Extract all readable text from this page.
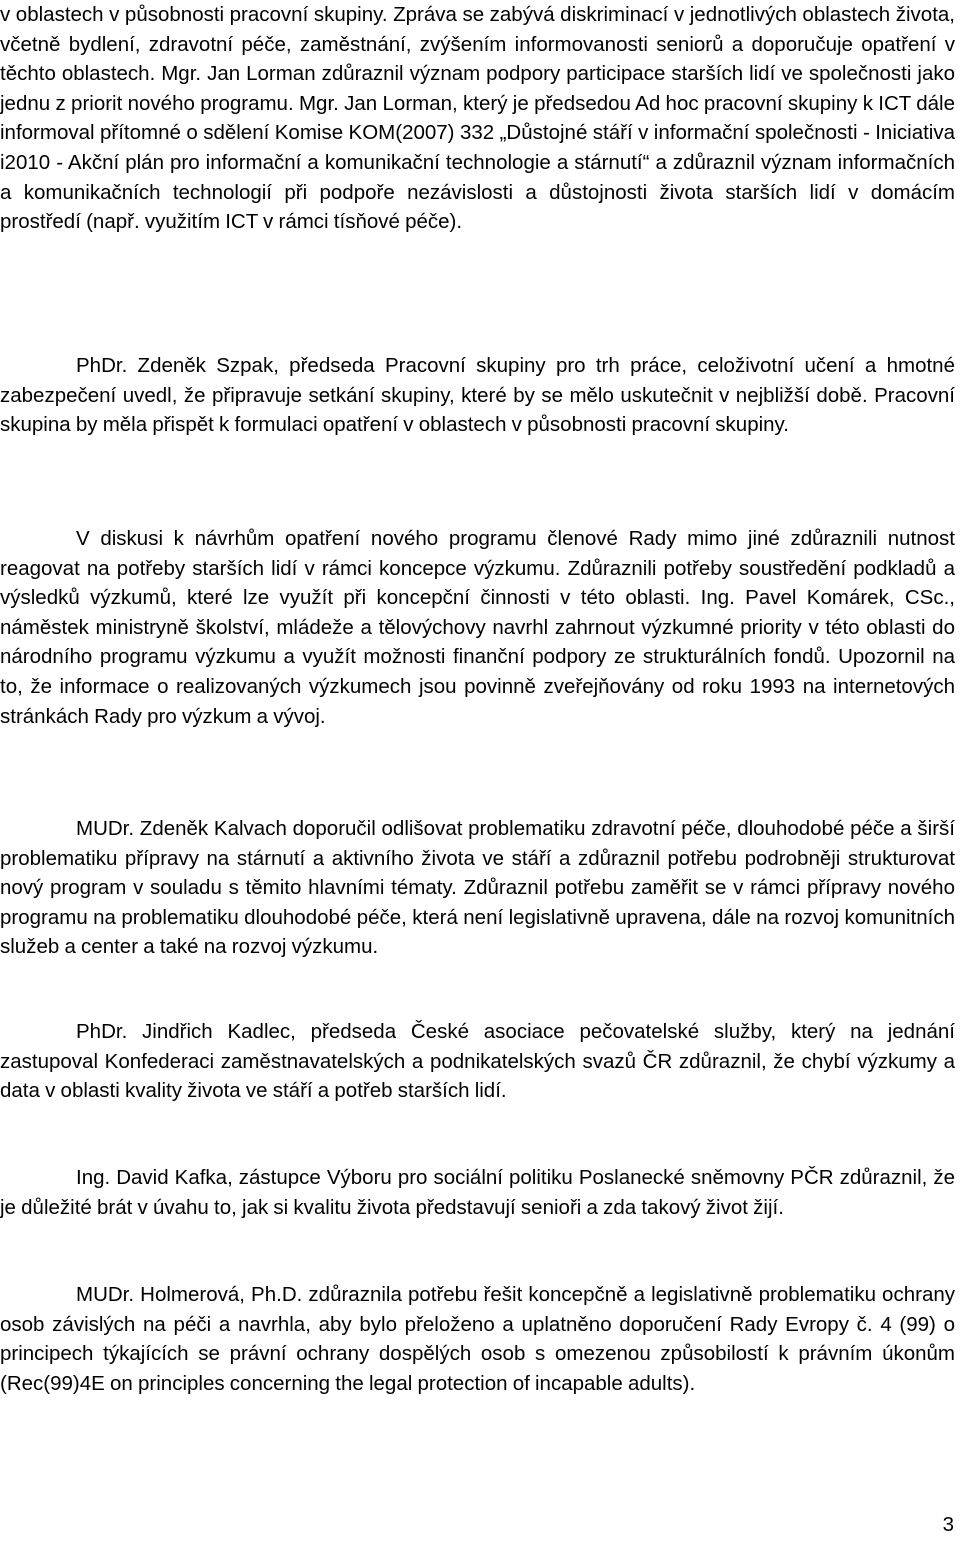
v oblastech v působnosti pracovní skupiny. Zpráva se zabývá diskriminací v jednotlivých oblastech života, včetně bydlení, zdravotní péče, zaměstnání, zvýšením informovanosti seniorů a doporučuje opatření v těchto oblastech. Mgr. Jan Lorman zdůraznil význam podpory participace starších lidí ve společnosti jako jednu z priorit nového programu. Mgr. Jan Lorman, který je předsedou Ad hoc pracovní skupiny k ICT dále informoval přítomné o sdělení Komise KOM(2007) 332 „Důstojné stáří v informační společnosti - Iniciativa i2010 - Akční plán pro informační a komunikační technologie a stárnutí“ a zdůraznil význam informačních a komunikačních technologií při podpoře nezávislosti a důstojnosti života starších lidí v domácím prostředí (např. využitím ICT v rámci tísňové péče).

PhDr. Zdeněk Szpak, předseda Pracovní skupiny pro trh práce, celoživotní učení a hmotné zabezpečení uvedl, že připravuje setkání skupiny, které by se mělo uskutečnit v nejbližší době. Pracovní skupina by měla přispět k formulaci opatření v oblastech v působnosti pracovní skupiny.

V diskusi k návrhům opatření nového programu členové Rady mimo jiné zdůraznili nutnost reagovat na potřeby starších lidí v rámci koncepce výzkumu. Zdůraznili potřeby soustředění podkladů a výsledků výzkumů, které lze využít při koncepční činnosti v této oblasti. Ing. Pavel Komárek, CSc., náměstek ministryně školství, mládeže a tělovýchovy navrhl zahrnout výzkumné priority v této oblasti do národního programu výzkumu a využít možnosti finanční podpory ze strukturálních fondů. Upozornil na to, že informace o realizovaných výzkumech jsou povinně zveřejňovány od roku 1993 na internetových stránkách Rady pro výzkum a vývoj.

MUDr. Zdeněk Kalvach doporučil odlišovat problematiku zdravotní péče, dlouhodobé péče a širší problematiku přípravy na stárnutí a aktivního života ve stáří a zdůraznil potřebu podrobněji strukturovat nový program v souladu s těmito hlavními tématy. Zdůraznil potřebu zaměřit se v rámci přípravy nového programu na problematiku dlouhodobé péče, která není legislativně upravena, dále na rozvoj komunitních služeb a center a také na rozvoj výzkumu.

PhDr. Jindřich Kadlec, předseda České asociace pečovatelské služby, který na jednání zastupoval Konfederaci zaměstnavatelských a podnikatelských svazů ČR zdůraznil, že chybí výzkumy a data v oblasti kvality života ve stáří a potřeb starších lidí.

Ing. David Kafka, zástupce Výboru pro sociální politiku Poslanecké sněmovny PČR zdůraznil, že je důležité brát v úvahu to, jak si kvalitu života představují senioři a zda takový život žijí.

MUDr. Holmerová, Ph.D. zdůraznila potřebu řešit koncepčně a legislativně problematiku ochrany osob závislých na péči a navrhla, aby bylo přeloženo a uplatněno doporučení Rady Evropy č. 4 (99) o principech týkajících se právní ochrany dospělých osob s omezenou způsobilostí k právním úkonům (Rec(99)4E on principles concerning the legal protection of incapable adults).

3
